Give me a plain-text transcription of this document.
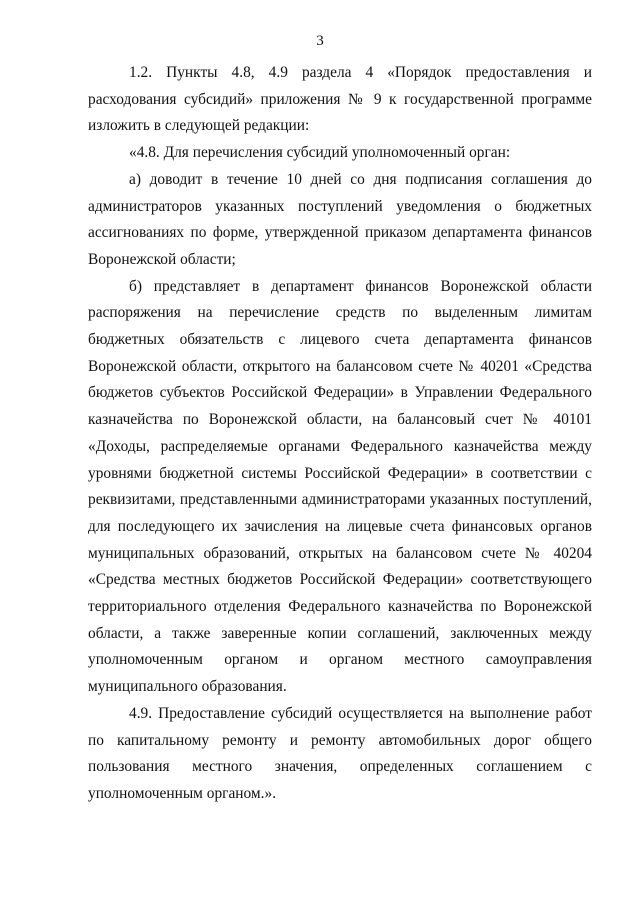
3

1.2. Пункты 4.8, 4.9 раздела 4 «Порядок предоставления и расходования субсидий» приложения № 9 к государственной программе изложить в следующей редакции:

«4.8. Для перечисления субсидий уполномоченный орган:

а) доводит в течение 10 дней со дня подписания соглашения до администраторов указанных поступлений уведомления о бюджетных ассигнованиях по форме, утвержденной приказом департамента финансов Воронежской области;

б) представляет в департамент финансов Воронежской области распоряжения на перечисление средств по выделенным лимитам бюджетных обязательств с лицевого счета департамента финансов Воронежской области, открытого на балансовом счете № 40201 «Средства бюджетов субъектов Российской Федерации» в Управлении Федерального казначейства по Воронежской области, на балансовый счет № 40101 «Доходы, распределяемые органами Федерального казначейства между уровнями бюджетной системы Российской Федерации» в соответствии с реквизитами, представленными администраторами указанных поступлений, для последующего их зачисления на лицевые счета финансовых органов муниципальных образований, открытых на балансовом счете № 40204 «Средства местных бюджетов Российской Федерации» соответствующего территориального отделения Федерального казначейства по Воронежской области, а также заверенные копии соглашений, заключенных между уполномоченным органом и органом местного самоуправления муниципального образования.

4.9. Предоставление субсидий осуществляется на выполнение работ по капитальному ремонту и ремонту автомобильных дорог общего пользования местного значения, определенных соглашением с уполномоченным органом.».
